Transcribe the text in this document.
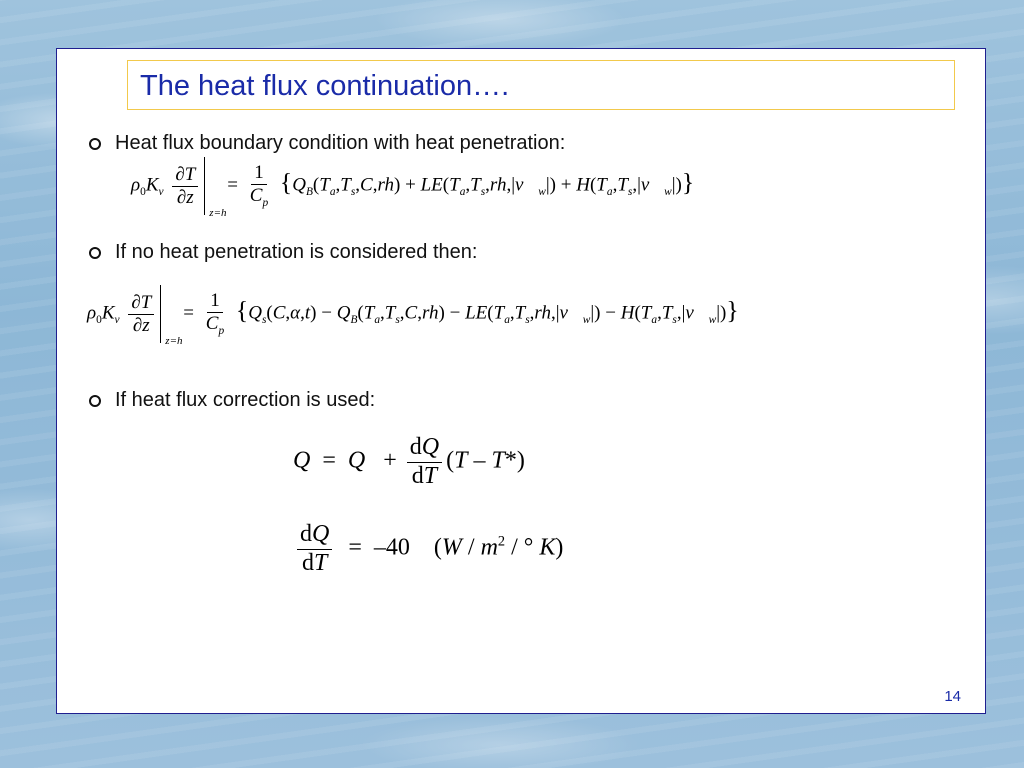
The heat flux continuation….
Heat flux boundary condition with heat penetration:
$\rho_0K_v \frac{\partial T}{\partial z}$
z=h
= $\frac{1}{C_p} \{Q_B(T_a,T_s,C,rh)$ + $LE(T_a,T_s,rh,|v⃗_w|)$ + $H(T_a,T_s,|v⃗_w|)$}
If no heat penetration is considered then:
$\rho_0K_v \frac{\partial T}{\partial z}$
z=h
= $\frac{1}{C_p} \{Q_s(C,\alpha,t) - Q_B(T_a,T_s,C,rh)$ − $LE(T_a,T_s,rh,|v⃗_w|)$ − $H(T_a,T_s,|v⃗_w|)$}
If heat flux correction is used:
$Q = Q + \frac{dQ}{dT} (T - T*)$
$\frac{dQ}{dT} = -40$    ($W / m^2$ / ° K)
14
